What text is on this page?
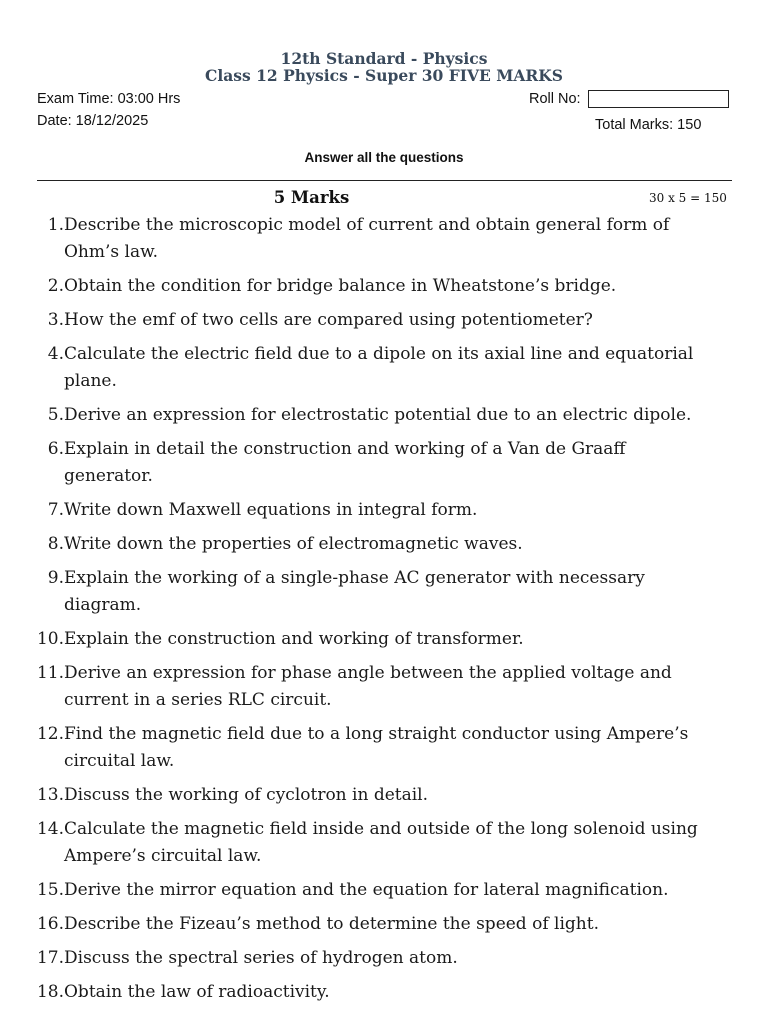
12th Standard - Physics
Class 12 Physics - Super 30 FIVE MARKS
Exam Time: 03:00 Hrs
Date: 18/12/2025
Roll No:
Total Marks: 150
Answer all the questions
5 Marks	30 x 5 = 150
1. Describe the microscopic model of current and obtain general form of Ohm’s law.
2. Obtain the condition for bridge balance in Wheatstone’s bridge.
3. How the emf of two cells are compared using potentiometer?
4. Calculate the electric field due to a dipole on its axial line and equatorial plane.
5. Derive an expression for electrostatic potential due to an electric dipole.
6. Explain in detail the construction and working of a Van de Graaff generator.
7. Write down Maxwell equations in integral form.
8. Write down the properties of electromagnetic waves.
9. Explain the working of a single-phase AC generator with necessary diagram.
10. Explain the construction and working of transformer.
11. Derive an expression for phase angle between the applied voltage and current in a series RLC circuit.
12. Find the magnetic field due to a long straight conductor using Ampere’s circuital law.
13. Discuss the working of cyclotron in detail.
14. Calculate the magnetic field inside and outside of the long solenoid using Ampere’s circuital law.
15. Derive the mirror equation and the equation for lateral magnification.
16. Describe the Fizeau’s method to determine the speed of light.
17. Discuss the spectral series of hydrogen atom.
18. Obtain the law of radioactivity.
